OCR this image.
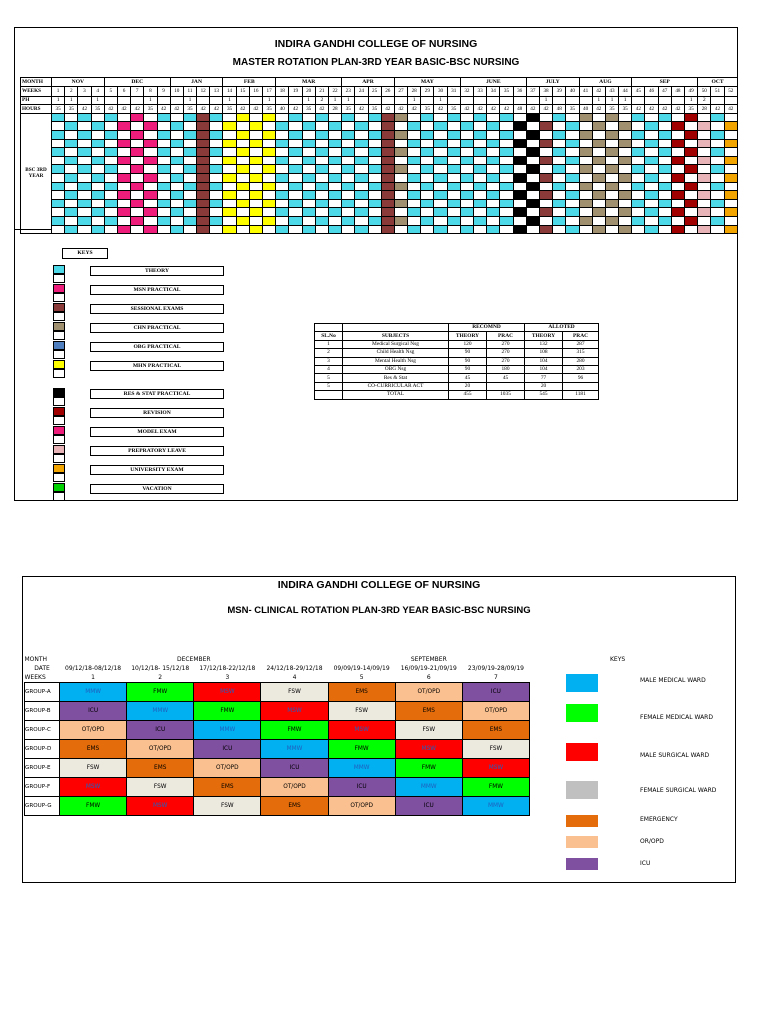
INDIRA GANDHI COLLEGE OF NURSING
MASTER ROTATION PLAN-3RD YEAR BASIC-BSC NURSING
MONTH	NOV				DEC					JAN				FEB				MAR					APR				MAY					JUNE					JULY				AUG				SEP					OCT		
WEEKS	1	2	3	4	5	6	7	8	9	10	11	12	13	14	15	16	17	18	19	20	21	22	23	24	25	26	27	28	29	30	31	32	33	34	35	36	37	38	39	40	41	42	43	44	45	46	47	48	49	50	51	52
PH	1	1		1				1			1			1			1			1	2	1	1					1		1								1				1	1	1					1	2		
HOURS	35	35	42	35	42	42	42	35	42	42	35	42	42	35	42	42	35	40	42	35	42	28	35	42	35	42	42	42	35	42	35	42	42	42	42	48	42	42	48	35	40	42	35	35	42	42	42	42	35	28	42	42
BSC 3RD YEAR																																																				

KEYS
THEORY
MSN PRACTICAL
SESSIONAL EXAMS
CHN PRACTICAL
OBG PRACTICAL
MHN PRACTICAL
RES & STAT PRACTICAL
REVISION
MODEL EXAM
PREPRATORY LEAVE
UNIVERSITY EXAM
VACATION
		RECOMND		ALLOTED	
SL.No	SUBJECTS	THEORY	PRAC	THEORY	PRAC
1	Medical Surgical Nsg	120	270	132	287
2	Child Health Nsg	90	270	108	315
3	Mental Health Nsg	90	270	104	280
4	OBG Nsg	90	180	104	203
5	Res & Stat	45	45	77	96
5	CO-CURRICULAR ACT	20		20	
	TOTAL	455	1035	545	1181
INDIRA GANDHI COLLEGE OF NURSING
MSN- CLINICAL ROTATION PLAN-3RD YEAR BASIC-BSC NURSING
MONTH	DECEMBER				SEPTEMBER		
DATE	09/12/18-08/12/18	10/12/18- 15/12/18	17/12/18-22/12/18	24/12/18-29/12/18	09/09/19-14/09/19	16/09/19-21/09/19	23/09/19-28/09/19
WEEKS	1	2	3	4	5	6	7
GROUP-A	MMW	FMW	MSW	FSW	EMS	OT/OPD	ICU
GROUP-B	ICU	MMW	FMW	MSW	FSW	EMS	OT/OPD
GROUP-C	OT/OPD	ICU	MMW	FMW	MSW	FSW	EMS
GROUP-D	EMS	OT/OPD	ICU	MMW	FMW	MSW	FSW
GROUP-E	FSW	EMS	OT/OPD	ICU	MMW	FMW	MSW
GROUP-F	MSW	FSW	EMS	OT/OPD	ICU	MMW	FMW
GROUP-G	FMW	MSW	FSW	EMS	OT/OPD	ICU	MMW
KEYS
MALE MEDICAL WARD
FEMALE MEDICAL WARD
MALE SURGICAL WARD
FEMALE SURGICAL WARD
EMERGENCY
OR/OPD
ICU
